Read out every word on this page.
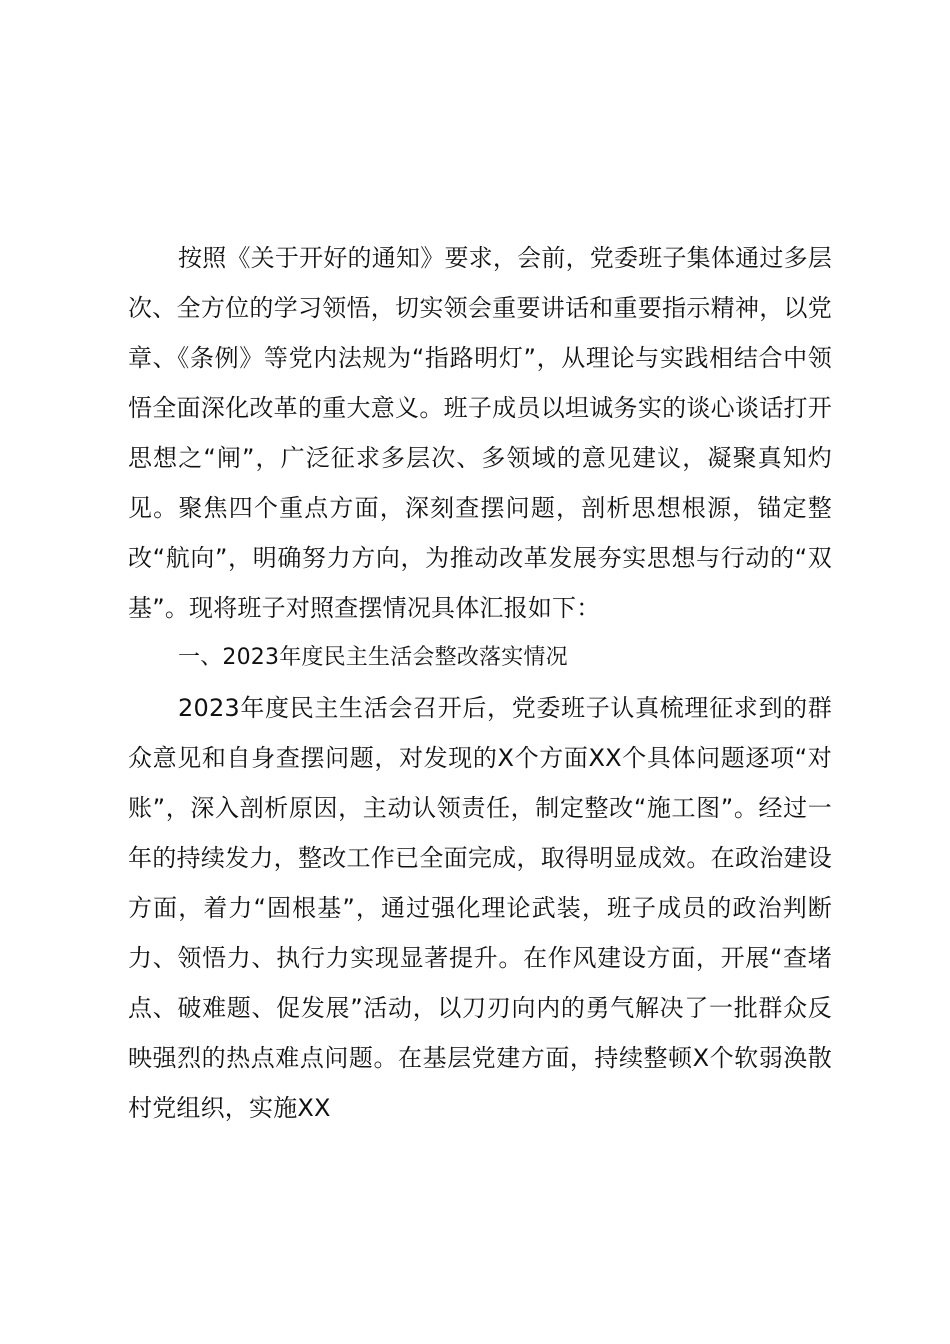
按照《关于开好的通知》要求，会前，党委班子集体通过多层次、全方位的学习领悟，切实领会重要讲话和重要指示精神，以党章、《条例》等党内法规为“指路明灯”，从理论与实践相结合中领悟全面深化改革的重大意义。班子成员以坦诚务实的谈心谈话打开思想之“闸”，广泛征求多层次、多领域的意见建议，凝聚真知灼见。聚焦四个重点方面，深刻查摆问题，剖析思想根源，锚定整改“航向”，明确努力方向，为推动改革发展夯实思想与行动的“双基”。现将班子对照查摆情况具体汇报如下：

一、2023年度民主生活会整改落实情况

2023年度民主生活会召开后，党委班子认真梳理征求到的群众意见和自身查摆问题，对发现的X个方面XX个具体问题逐项“对账”，深入剖析原因，主动认领责任，制定整改“施工图”。经过一年的持续发力，整改工作已全面完成，取得明显成效。在政治建设方面，着力“固根基”，通过强化理论武装，班子成员的政治判断力、领悟力、执行力实现显著提升。在作风建设方面，开展“查堵点、破难题、促发展”活动，以刀刃向内的勇气解决了一批群众反映强烈的热点难点问题。在基层党建方面，持续整顿X个软弱涣散村党组织，实施XX
